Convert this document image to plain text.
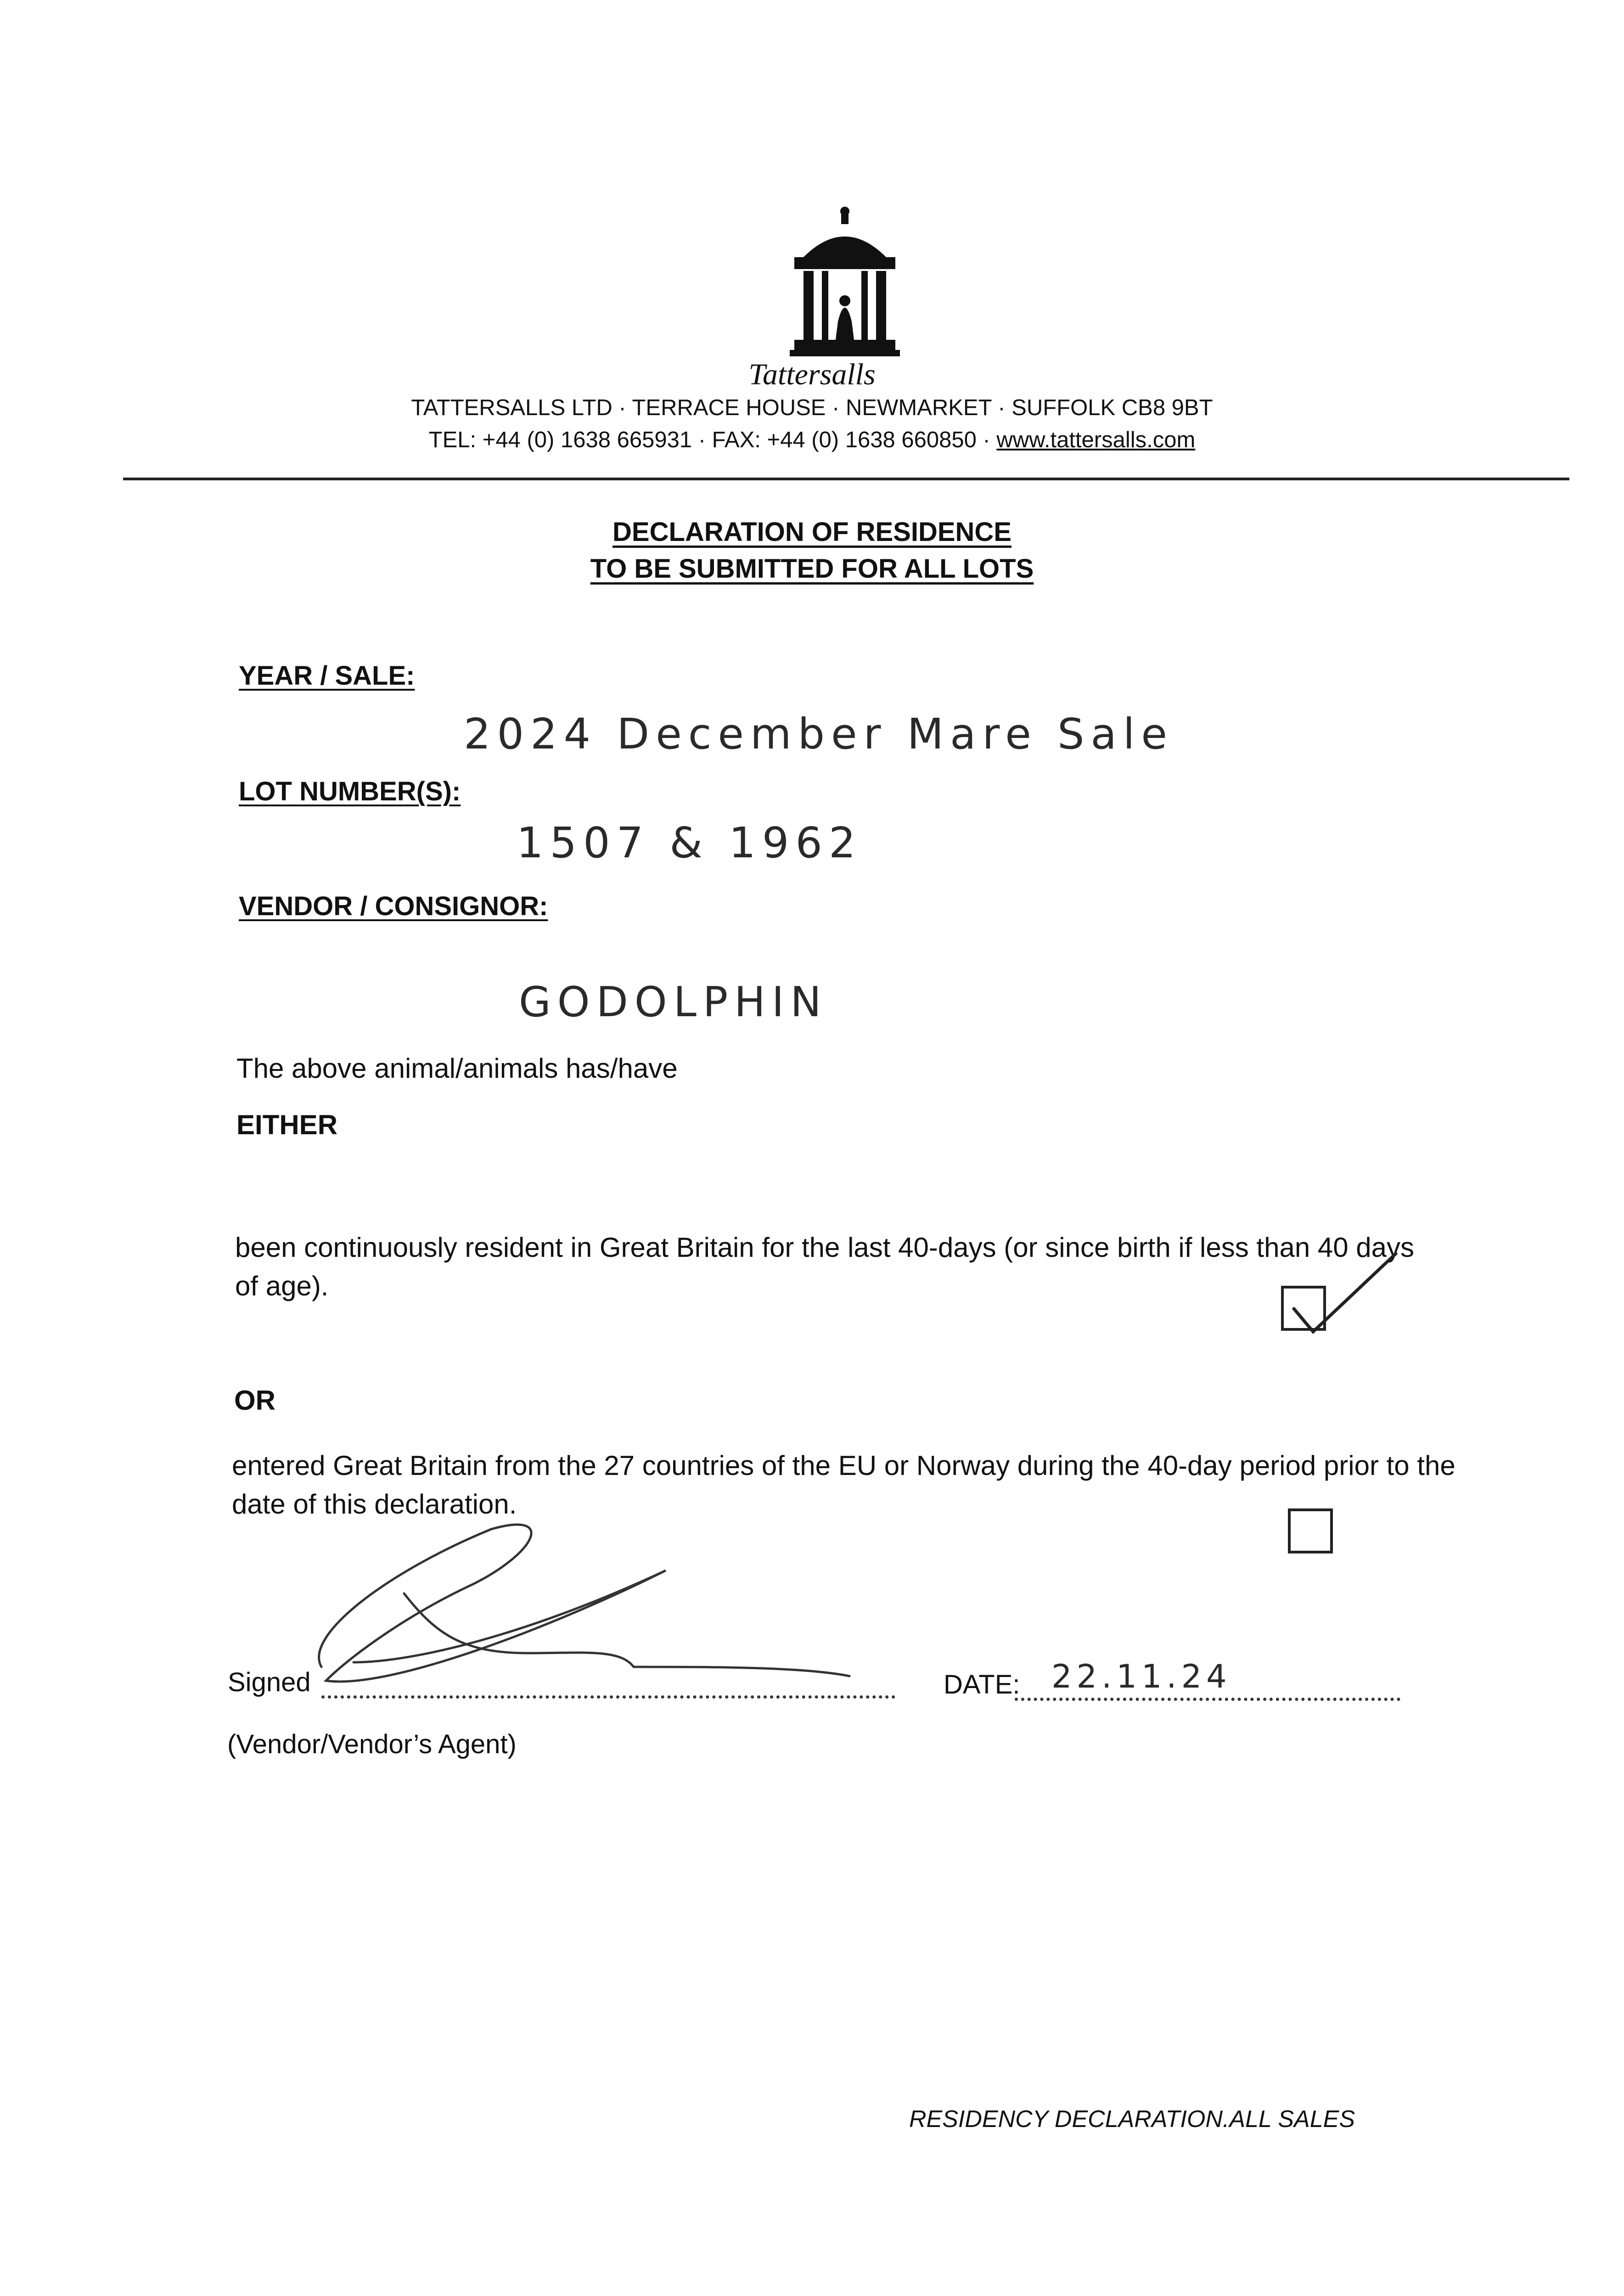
Tattersalls
TATTERSALLS LTD · TERRACE HOUSE · NEWMARKET · SUFFOLK CB8 9BT
TEL: +44 (0) 1638 665931 · FAX: +44 (0) 1638 660850 · www.tattersalls.com
DECLARATION OF RESIDENCE
TO BE SUBMITTED FOR ALL LOTS
YEAR / SALE:
2024 December Mare Sale
LOT NUMBER(S):
1507 & 1962
VENDOR / CONSIGNOR:
GODOLPHIN
The above animal/animals has/have
EITHER
been continuously resident in Great Britain for the last 40-days (or since birth if less than 40 days of age).
OR
entered Great Britain from the 27 countries of the EU or Norway during the 40-day period prior to the date of this declaration.
Signed	DATE: 22.11.24
(Vendor/Vendor’s Agent)
RESIDENCY DECLARATION.ALL SALES
